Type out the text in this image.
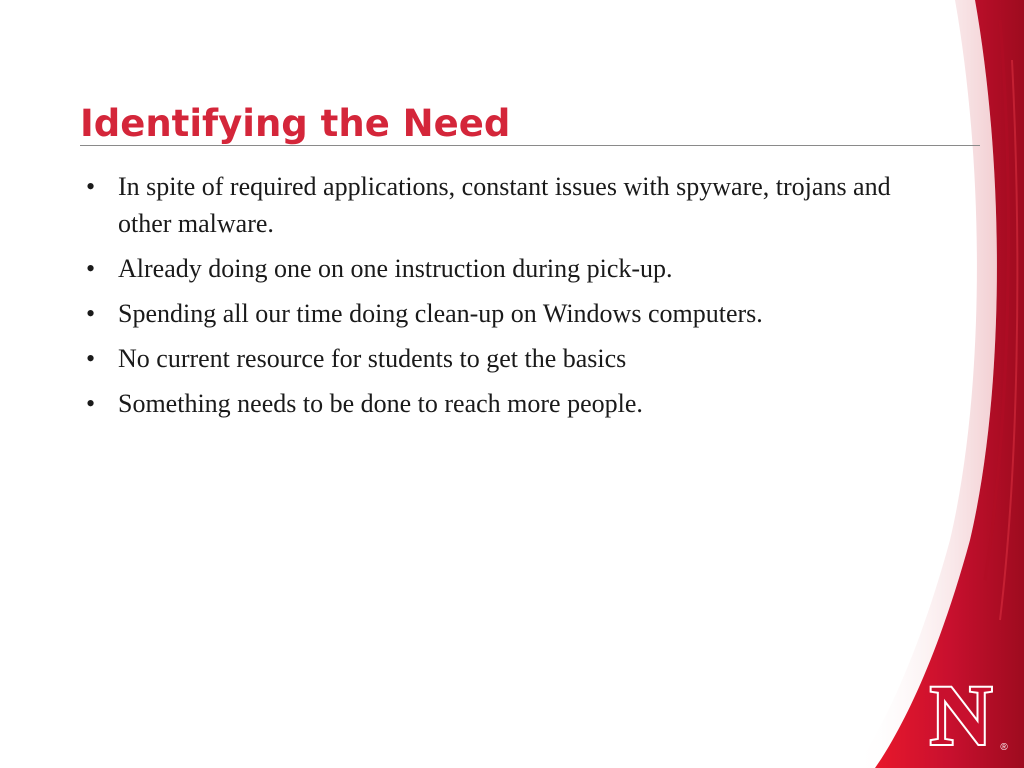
Identifying the Need
• In spite of required applications, constant issues with spyware, trojans and other malware.
• Already doing one on one instruction during pick-up.
• Spending all our time doing clean-up on Windows computers.
• No current resource for students to get the basics
• Something needs to be done to reach more people.
N ®
